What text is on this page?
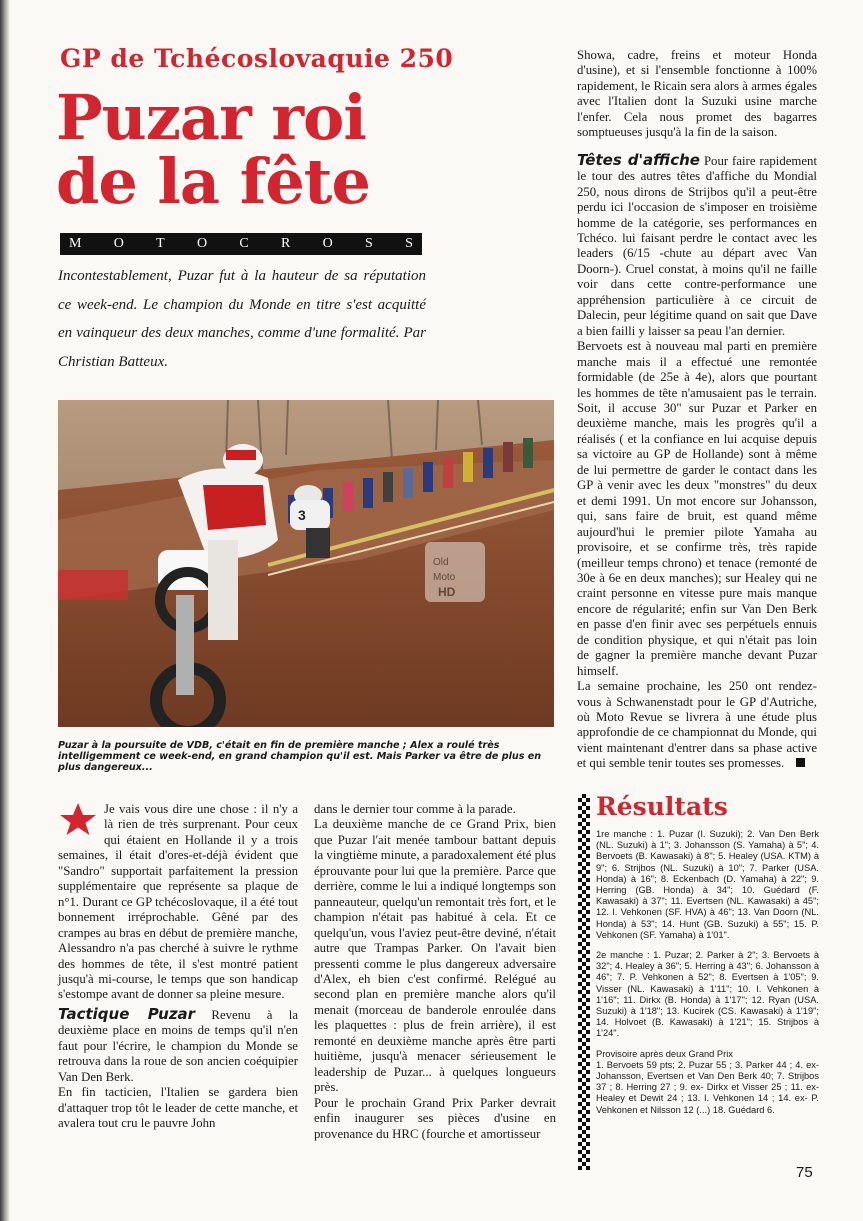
GP de Tchécoslovaquie 250
Puzar roi
de la fête
M O T O C R O S S
Incontestablement, Puzar fut à la hauteur de sa réputation ce week-end. Le champion du Monde en titre s'est acquitté en vainqueur des deux manches, comme d'une formalité. Par Christian Batteux.
3
Old
Moto
HD
Puzar à la poursuite de VDB, c'était en fin de première manche ; Alex a roulé très intelligemment ce week-end, en grand champion qu'il est. Mais Parker va être de plus en plus dangereux...

Je vais vous dire une chose : il n'y a là rien de très surprenant. Pour ceux qui étaient en Hollande il y a trois semaines, il était d'ores-et-déjà évident que "Sandro" supportait parfaitement la pression supplémentaire que représente sa plaque de n°1. Durant ce GP tchécoslovaque, il a été tout bonnement irréprochable. Gêné par des crampes au bras en début de première manche, Alessandro n'a pas cherché à suivre le rythme des hommes de tête, il s'est montré patient jusqu'à mi-course, le temps que son handicap s'estompe avant de donner sa pleine mesure.

Tactique Puzar Revenu à la deuxième place en moins de temps qu'il n'en faut pour l'écrire, le champion du Monde se retrouva dans la roue de son ancien coéquipier Van Den Berk.

En fin tacticien, l'Italien se gardera bien d'attaquer trop tôt le leader de cette manche, et avalera tout cru le pauvre John

dans le dernier tour comme à la parade.

La deuxième manche de ce Grand Prix, bien que Puzar l'ait menée tambour battant depuis la vingtième minute, a paradoxalement été plus éprouvante pour lui que la première. Parce que derrière, comme le lui a indiqué longtemps son panneauteur, quelqu'un remontait très fort, et le champion n'était pas habitué à cela. Et ce quelqu'un, vous l'aviez peut-être deviné, n'était autre que Trampas Parker. On l'avait bien pressenti comme le plus dangereux adversaire d'Alex, eh bien c'est confirmé. Relégué au second plan en première manche alors qu'il menait (morceau de banderole enroulée dans les plaquettes : plus de frein arrière), il est remonté en deuxième manche après être parti huitième, jusqu'à menacer sérieusement le leadership de Puzar... à quelques longueurs près.

Pour le prochain Grand Prix Parker devrait enfin inaugurer ses pièces d'usine en provenance du HRC (fourche et amortisseur

Showa, cadre, freins et moteur Honda d'usine), et si l'ensemble fonctionne à 100% rapidement, le Ricain sera alors à armes égales avec l'Italien dont la Suzuki usine marche l'enfer. Cela nous promet des bagarres somptueuses jusqu'à la fin de la saison.

Têtes d'affiche Pour faire rapidement le tour des autres têtes d'affiche du Mondial 250, nous dirons de Strijbos qu'il a peut-être perdu ici l'occasion de s'imposer en troisième homme de la catégorie, ses performances en Tchéco. lui faisant perdre le contact avec les leaders (6/15 -chute au départ avec Van Doorn-). Cruel constat, à moins qu'il ne faille voir dans cette contre-performance une appréhension particulière à ce circuit de Dalecin, peur légitime quand on sait que Dave a bien failli y laisser sa peau l'an dernier.

Bervoets est à nouveau mal parti en première manche mais il a effectué une remontée formidable (de 25e à 4e), alors que pourtant les hommes de tête n'amusaient pas le terrain. Soit, il accuse 30" sur Puzar et Parker en deuxième manche, mais les progrès qu'il a réalisés ( et la confiance en lui acquise depuis sa victoire au GP de Hollande) sont à même de lui permettre de garder le contact dans les GP à venir avec les deux "monstres" du deux et demi 1991. Un mot encore sur Johansson, qui, sans faire de bruit, est quand même aujourd'hui le premier pilote Yamaha au provisoire, et se confirme très, très rapide (meilleur temps chrono) et tenace (remonté de 30e à 6e en deux manches); sur Healey qui ne craint personne en vitesse pure mais manque encore de régularité; enfin sur Van Den Berk en passe d'en finir avec ses perpétuels ennuis de condition physique, et qui n'était pas loin de gagner la première manche devant Puzar himself.

La semaine prochaine, les 250 ont rendez-vous à Schwanenstadt pour le GP d'Autriche, où Moto Revue se livrera à une étude plus approfondie de ce championnat du Monde, qui vient maintenant d'entrer dans sa phase active et qui semble tenir toutes ses promesses.

Résultats

1re manche : 1. Puzar (I. Suzuki); 2. Van Den Berk (NL. Suzuki) à 1"; 3. Johansson (S. Yamaha) à 5"; 4. Bervoets (B. Kawasaki) à 8"; 5. Healey (USA. KTM) à 9"; 6. Strijbos (NL. Suzuki) à 10"; 7. Parker (USA. Honda) à 16"; 8. Eckenbach (D. Yamaha) à 22"; 9. Herring (GB. Honda) à 34"; 10. Guédard (F. Kawasaki) à 37"; 11. Evertsen (NL. Kawasaki) à 45"; 12. I. Vehkonen (SF. HVA) à 46"; 13. Van Doorn (NL. Honda) à 53"; 14. Hunt (GB. Suzuki) à 55"; 15. P. Vehkonen (SF. Yamaha) à 1'01".

2e manche : 1. Puzar; 2. Parker à 2"; 3. Bervoets à 32"; 4. Healey à 36"; 5. Herring à 43"; 6. Johansson à 46"; 7. P. Vehkonen à 52"; 8. Evertsen à 1'05"; 9. Visser (NL. Kawasaki) à 1'11"; 10. I. Vehkonen à 1'16"; 11. Dirkx (B. Honda) à 1'17"; 12. Ryan (USA. Suzuki) à 1'18"; 13. Kucirek (CS. Kawasaki) à 1'19"; 14. Holvoet (B. Kawasaki) à 1'21"; 15. Strijbos à 1'24".

Provisoire après deux Grand Prix
1. Bervoets 59 pts; 2. Puzar 55 ; 3. Parker 44 ; 4. ex- Johansson, Evertsen et Van Den Berk 40; 7. Strijbos 37 ; 8. Herring 27 ; 9. ex- Dirkx et Visser 25 ; 11. ex- Healey et Dewit 24 ; 13. I. Vehkonen 14 ; 14. ex- P. Vehkonen et Nilsson 12 (...) 18. Guédard 6.

75
